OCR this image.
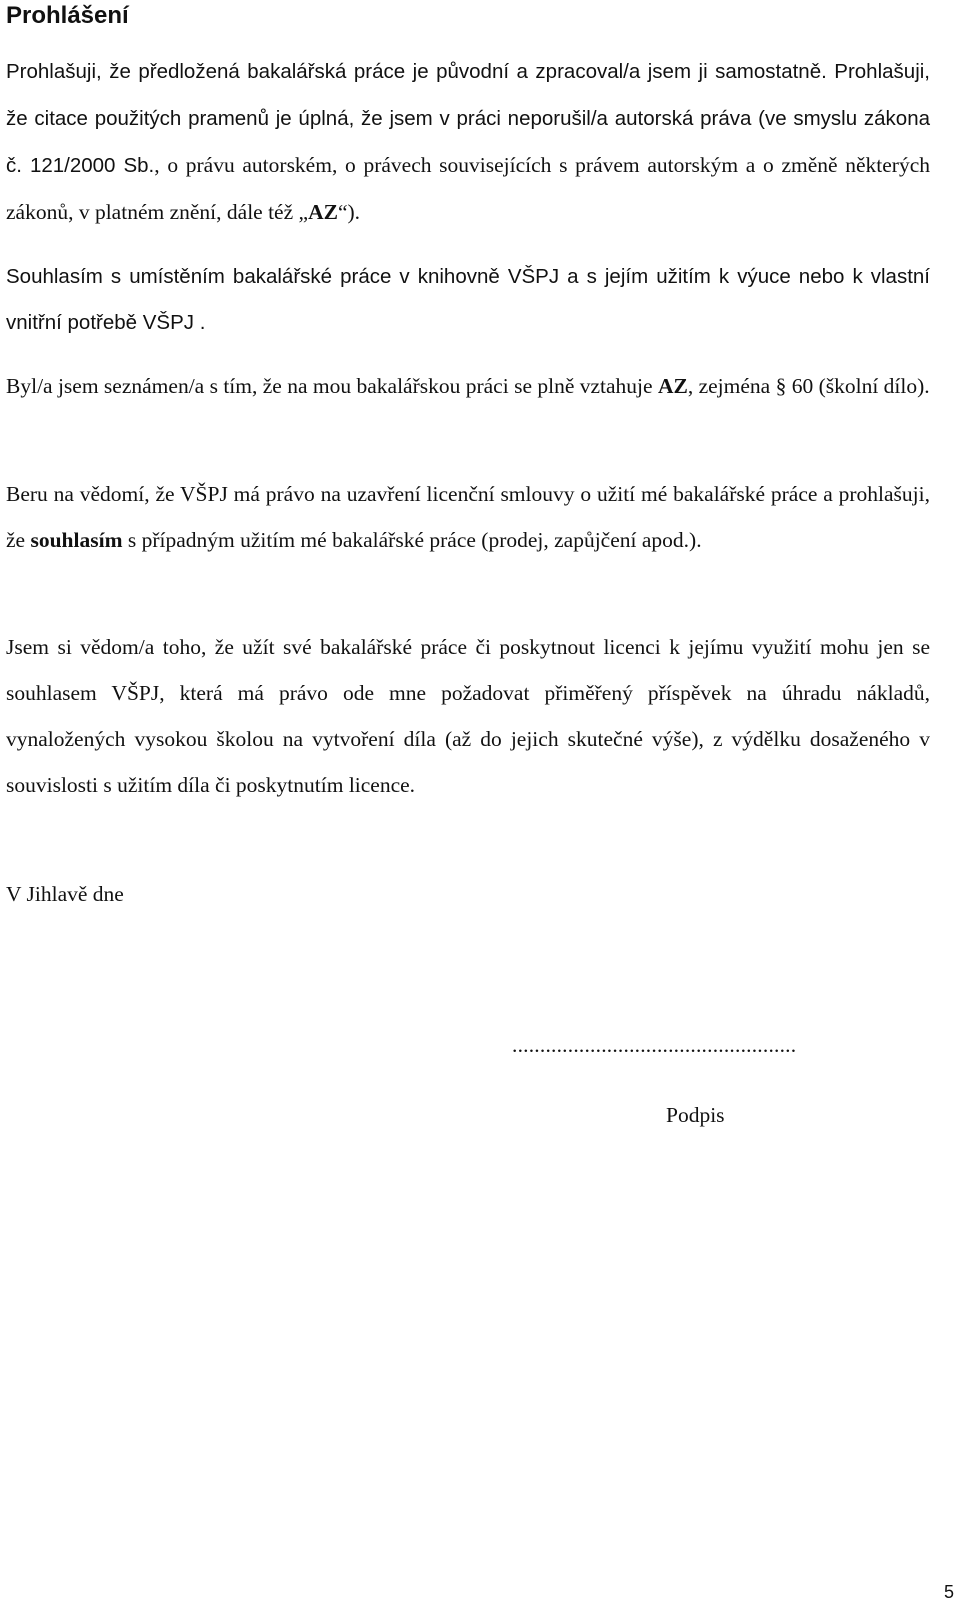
Prohlášení

Prohlašuji, že předložená bakalářská práce je původní a zpracoval/a jsem ji samostatně. Prohlašuji, že citace použitých pramenů je úplná, že jsem v práci neporušil/a autorská práva (ve smyslu zákona č. 121/2000 Sb., o právu autorském, o právech souvisejících s právem autorským a o změně některých zákonů, v platném znění, dále též „AZ“).

Souhlasím s umístěním bakalářské práce v knihovně VŠPJ a s jejím užitím k výuce nebo k vlastní vnitřní potřebě VŠPJ .

Byl/a jsem seznámen/a s tím, že na mou bakalářskou práci se plně vztahuje AZ, zejména § 60 (školní dílo).

Beru na vědomí, že VŠPJ má právo na uzavření licenční smlouvy o užití mé bakalářské práce a prohlašuji, že souhlasím s případným užitím mé bakalářské práce (prodej, zapůjčení apod.).

Jsem si vědom/a toho, že užít své bakalářské práce či poskytnout licenci k jejímu využití mohu jen se souhlasem VŠPJ, která má právo ode mne požadovat přiměřený příspěvek na úhradu nákladů, vynaložených vysokou školou na vytvoření díla (až do jejich skutečné výše), z výdělku dosaženého v souvislosti s užitím díla či poskytnutím licence.

V Jihlavě dne

...................................................

Podpis

5
